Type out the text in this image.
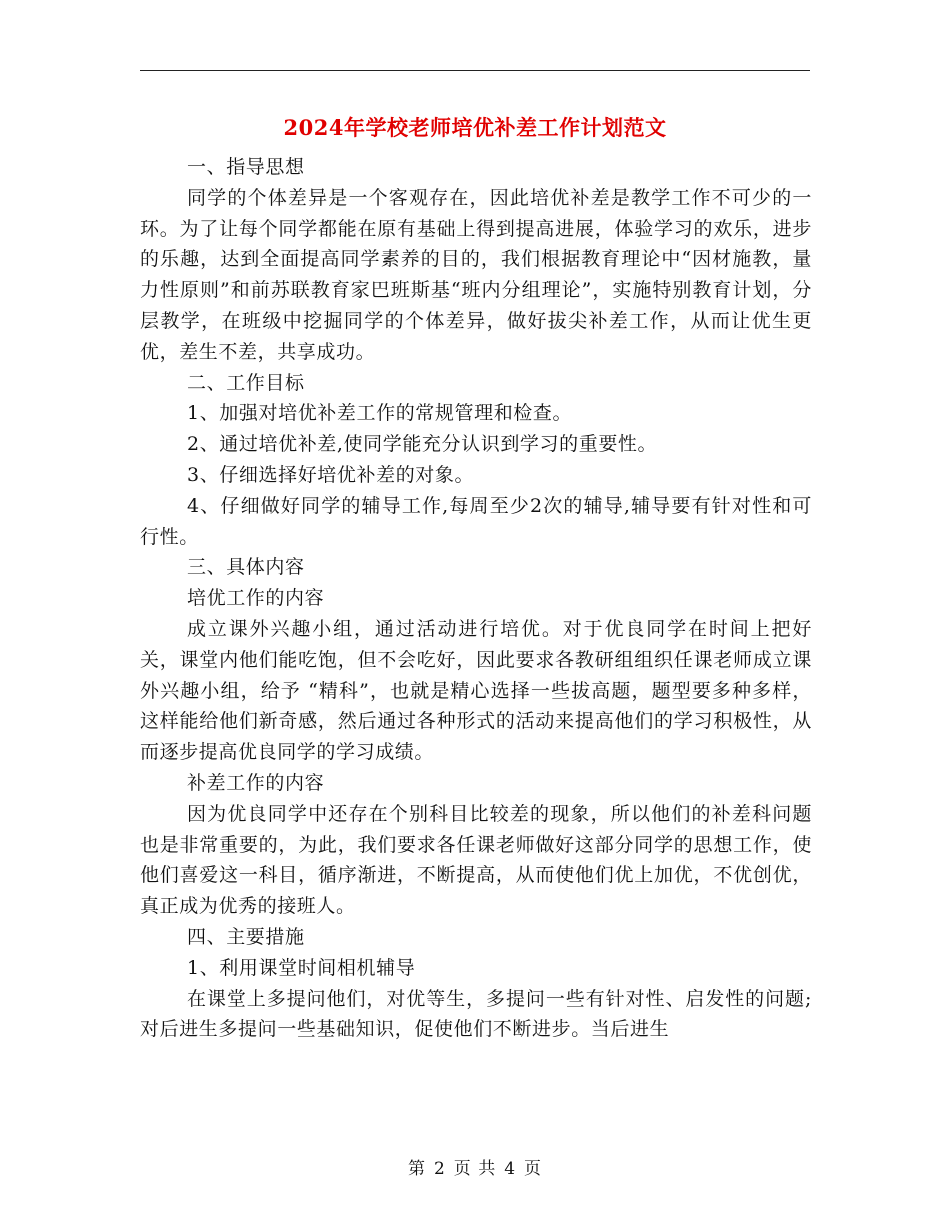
2024年学校老师培优补差工作计划范文

一、指导思想

同学的个体差异是一个客观存在，因此培优补差是教学工作不可少的一环。为了让每个同学都能在原有基础上得到提高进展，体验学习的欢乐，进步的乐趣，达到全面提高同学素养的目的，我们根据教育理论中“因材施教，量力性原则”和前苏联教育家巴班斯基“班内分组理论”，实施特别教育计划，分层教学，在班级中挖掘同学的个体差异，做好拔尖补差工作，从而让优生更优，差生不差，共享成功。

二、工作目标

1、加强对培优补差工作的常规管理和检查。

2、通过培优补差,使同学能充分认识到学习的重要性。

3、仔细选择好培优补差的对象。

4、仔细做好同学的辅导工作,每周至少2次的辅导,辅导要有针对性和可行性。

三、具体内容

培优工作的内容

成立课外兴趣小组，通过活动进行培优。对于优良同学在时间上把好关，课堂内他们能吃饱，但不会吃好，因此要求各教研组组织任课老师成立课外兴趣小组，给予 “精科”，也就是精心选择一些拔高题，题型要多种多样，这样能给他们新奇感，然后通过各种形式的活动来提高他们的学习积极性，从而逐步提高优良同学的学习成绩。

补差工作的内容

因为优良同学中还存在个别科目比较差的现象，所以他们的补差科问题也是非常重要的，为此，我们要求各任课老师做好这部分同学的思想工作，使他们喜爱这一科目，循序渐进，不断提高，从而使他们优上加优，不优创优，真正成为优秀的接班人。

四、主要措施

1、利用课堂时间相机辅导

在课堂上多提问他们，对优等生，多提问一些有针对性、启发性的问题;对后进生多提问一些基础知识，促使他们不断进步。当后进生

第 2 页 共 4 页
